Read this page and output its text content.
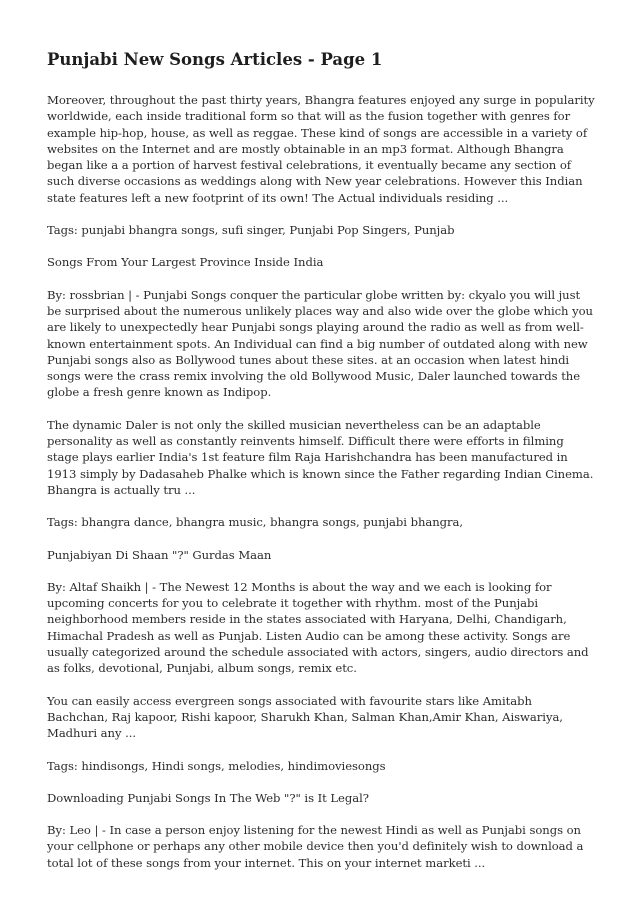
Punjabi New Songs Articles - Page 1

Moreover, throughout the past thirty years, Bhangra features enjoyed any surge in popularity worldwide, each inside traditional form so that will as the fusion together with genres for example hip-hop, house, as well as reggae. These kind of songs are accessible in a variety of websites on the Internet and are mostly obtainable in an mp3 format. Although Bhangra began like a a portion of harvest festival celebrations, it eventually became any section of such diverse occasions as weddings along with New year celebrations. However this Indian state features left a new footprint of its own! The Actual individuals residing ...

Tags: punjabi bhangra songs, sufi singer, Punjabi Pop Singers, Punjab

Songs From Your Largest Province Inside India

By: rossbrian | - Punjabi Songs conquer the particular globe written by: ckyalo you will just be surprised about the numerous unlikely places way and also wide over the globe which you are likely to unexpectedly hear Punjabi songs playing around the radio as well as from well-known entertainment spots. An Individual can find a big number of outdated along with new Punjabi songs also as Bollywood tunes about these sites. at an occasion when latest hindi songs were the crass remix involving the old Bollywood Music, Daler launched towards the globe a fresh genre known as Indipop.

The dynamic Daler is not only the skilled musician nevertheless can be an adaptable personality as well as constantly reinvents himself. Difficult there were efforts in filming stage plays earlier India's 1st feature film Raja Harishchandra has been manufactured in 1913 simply by Dadasaheb Phalke which is known since the Father regarding Indian Cinema. Bhangra is actually tru ...

Tags: bhangra dance, bhangra music, bhangra songs, punjabi bhangra,

Punjabiyan Di Shaan "?" Gurdas Maan

By: Altaf Shaikh | - The Newest 12 Months is about the way and we each is looking for upcoming concerts for you to celebrate it together with rhythm. most of the Punjabi neighborhood members reside in the states associated with Haryana, Delhi, Chandigarh, Himachal Pradesh as well as Punjab. Listen Audio can be among these activity. Songs are usually categorized around the schedule associated with actors, singers, audio directors and as folks, devotional, Punjabi, album songs, remix etc.

You can easily access evergreen songs associated with favourite stars like Amitabh Bachchan, Raj kapoor, Rishi kapoor, Sharukh Khan, Salman Khan,Amir Khan, Aiswariya, Madhuri any ...

Tags: hindisongs, Hindi songs, melodies, hindimoviesongs

Downloading Punjabi Songs In The Web "?" is It Legal?

By: Leo | - In case a person enjoy listening for the newest Hindi as well as Punjabi songs on your cellphone or perhaps any other mobile device then you'd definitely wish to download a total lot of these songs from your internet. This on your internet marketi ...
